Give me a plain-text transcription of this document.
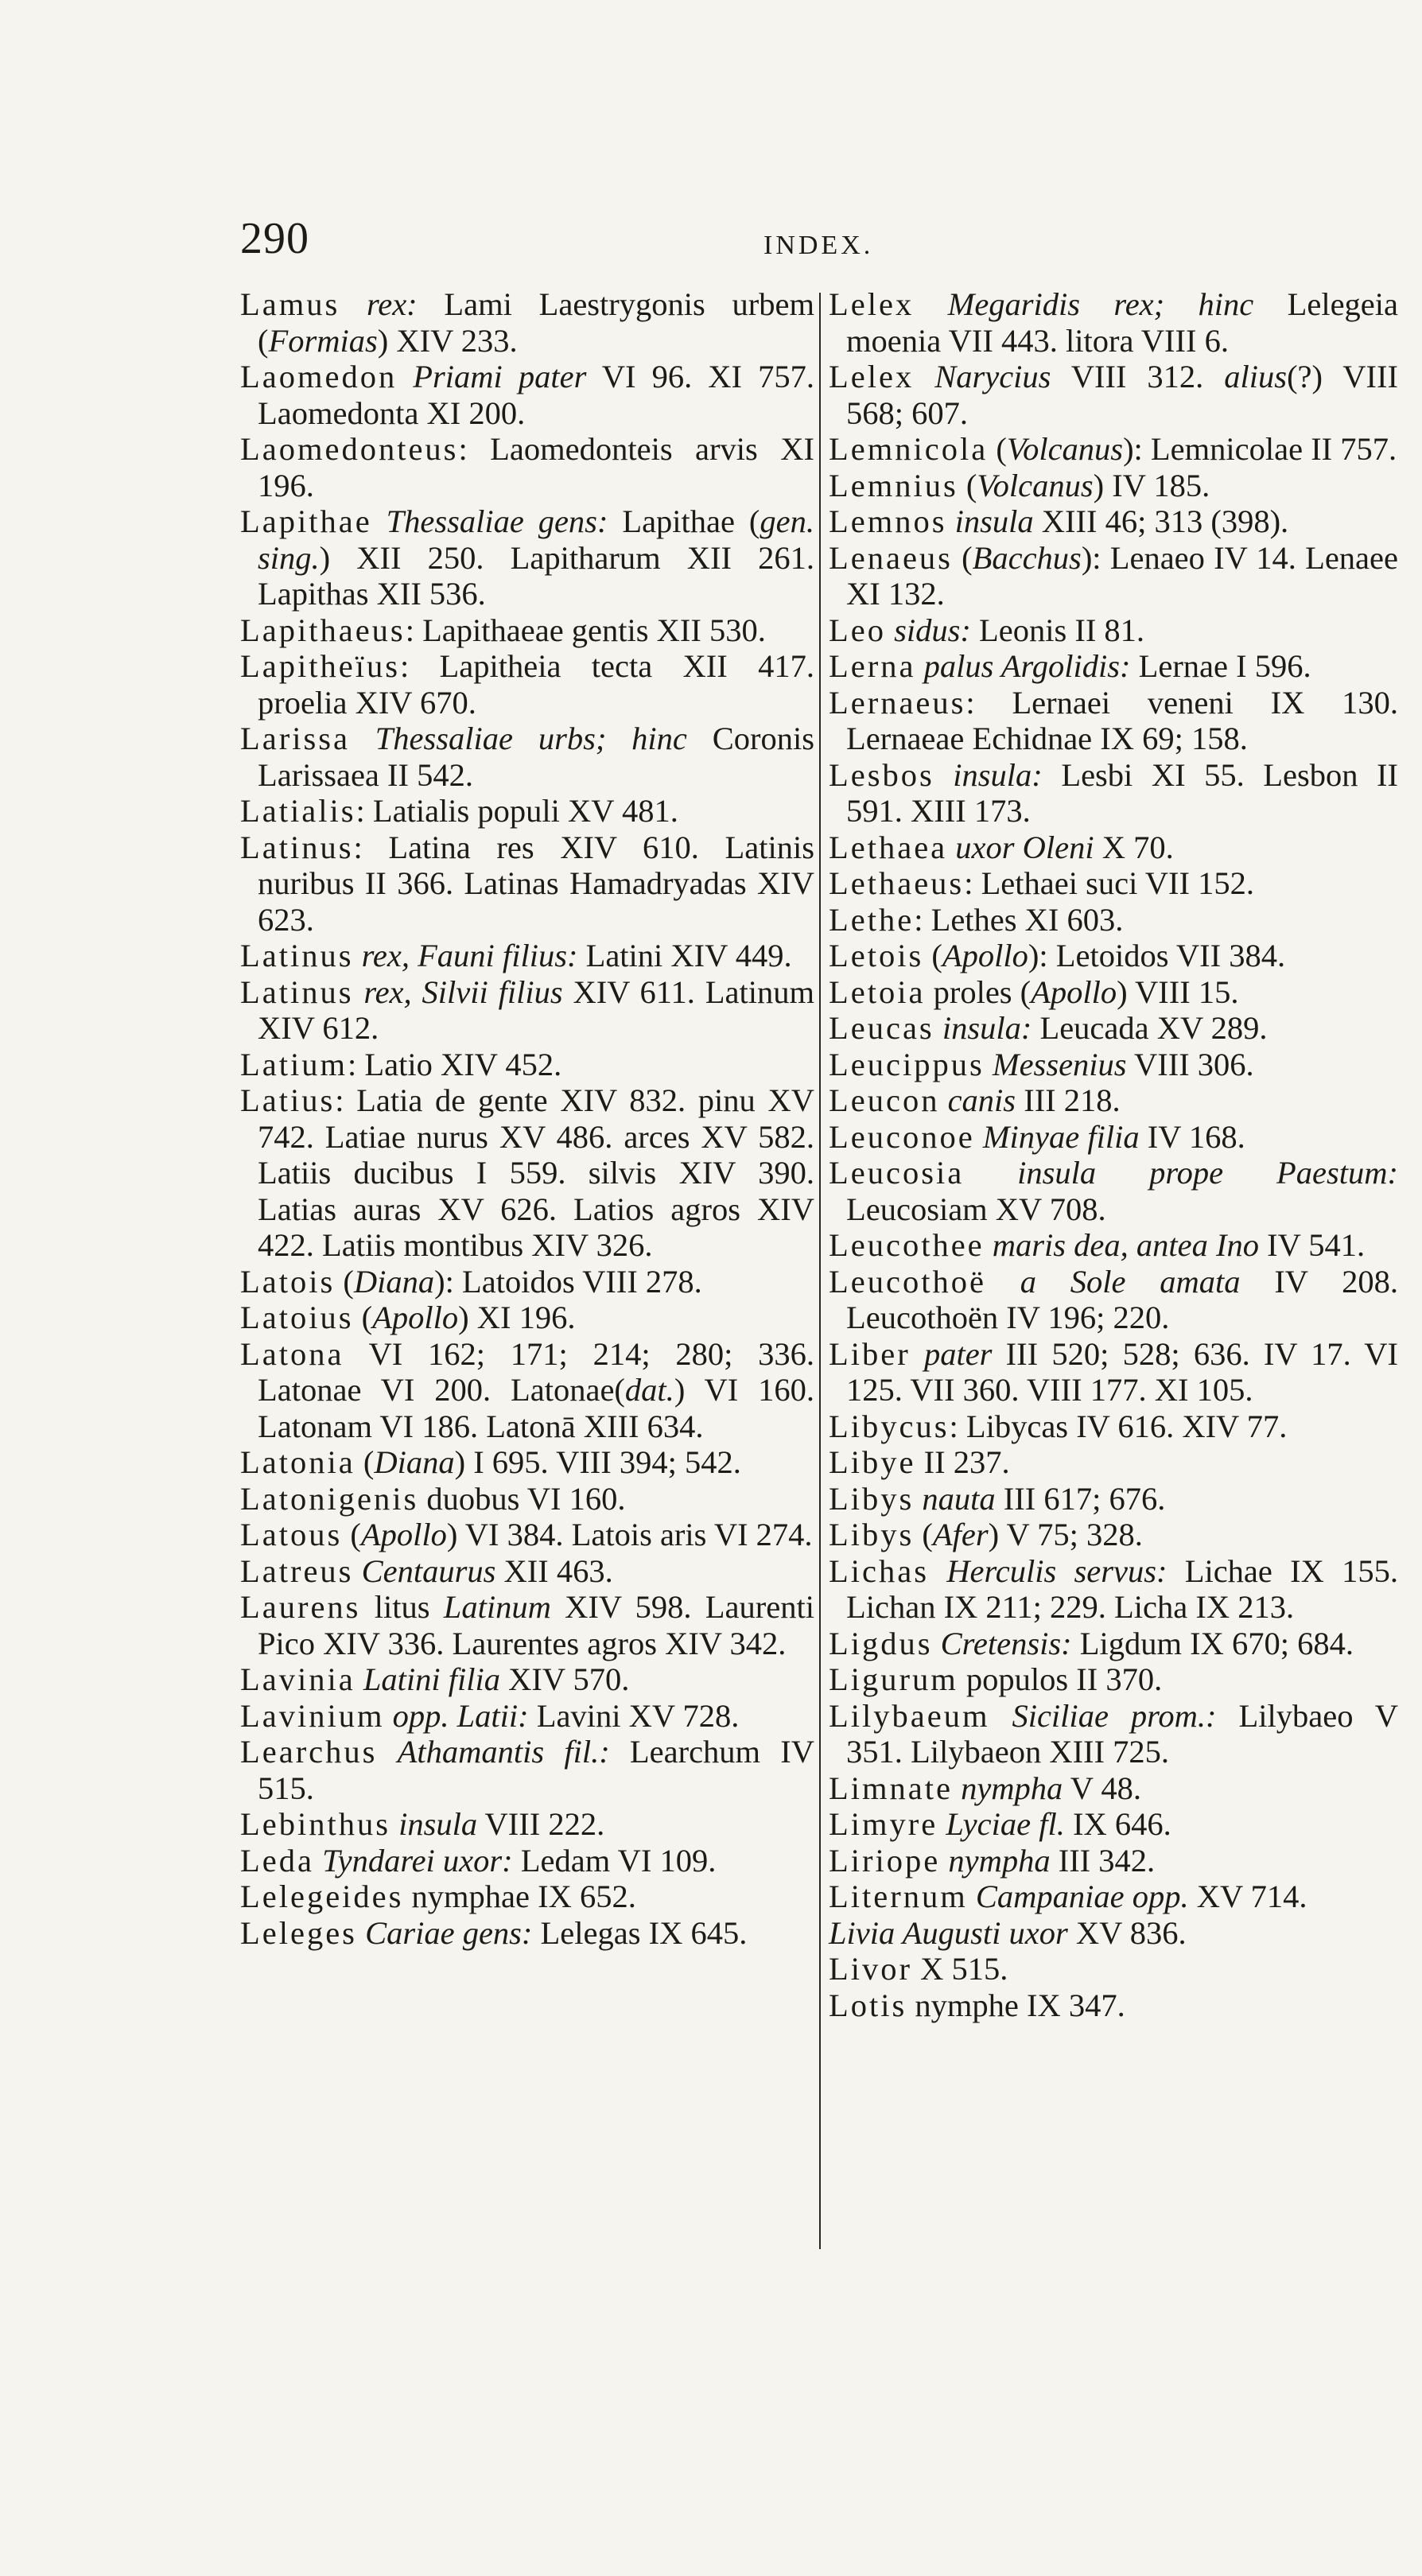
290	INDEX.

Lamus rex: Lami Laestrygonis urbem (Formias) XIV 233.

Laomedon Priami pater VI 96. XI 757. Laomedonta XI 200.

Laomedonteus: Laomedonteis arvis XI 196.

Lapithae Thessaliae gens: Lapithae (gen. sing.) XII 250. Lapitharum XII 261. Lapithas XII 536.

Lapithaeus: Lapithaeae gentis XII 530.

Lapitheïus: Lapitheia tecta XII 417. proelia XIV 670.

Larissa Thessaliae urbs; hinc Coronis Larissaea II 542.

Latialis: Latialis populi XV 481.

Latinus: Latina res XIV 610. Latinis nuribus II 366. Latinas Hamadryadas XIV 623.

Latinus rex, Fauni filius: Latini XIV 449.

Latinus rex, Silvii filius XIV 611. Latinum XIV 612.

Latium: Latio XIV 452.

Latius: Latia de gente XIV 832. pinu XV 742. Latiae nurus XV 486. arces XV 582. Latiis ducibus I 559. silvis XIV 390. Latias auras XV 626. Latios agros XIV 422. Latiis montibus XIV 326.

Latois (Diana): Latoidos VIII 278.

Latoius (Apollo) XI 196.

Latona VI 162; 171; 214; 280; 336. Latonae VI 200. Latonae(dat.) VI 160. Latonam VI 186. Latonā XIII 634.

Latonia (Diana) I 695. VIII 394; 542.

Latonigenis duobus VI 160.

Latous (Apollo) VI 384. Latois aris VI 274.

Latreus Centaurus XII 463.

Laurens litus Latinum XIV 598. Laurenti Pico XIV 336. Laurentes agros XIV 342.

Lavinia Latini filia XIV 570.

Lavinium opp. Latii: Lavini XV 728.

Learchus Athamantis fil.: Learchum IV 515.

Lebinthus insula VIII 222.

Leda Tyndarei uxor: Ledam VI 109.

Lelegeides nymphae IX 652.

Leleges Cariae gens: Lelegas IX 645.

Lelex Megaridis rex; hinc Lelegeia moenia VII 443. litora VIII 6.

Lelex Narycius VIII 312. alius(?) VIII 568; 607.

Lemnicola (Volcanus): Lemnicolae II 757.

Lemnius (Volcanus) IV 185.

Lemnos insula XIII 46; 313 (398).

Lenaeus (Bacchus): Lenaeo IV 14. Lenaee XI 132.

Leo sidus: Leonis II 81.

Lerna palus Argolidis: Lernae I 596.

Lernaeus: Lernaei veneni IX 130. Lernaeae Echidnae IX 69; 158.

Lesbos insula: Lesbi XI 55. Lesbon II 591. XIII 173.

Lethaea uxor Oleni X 70.

Lethaeus: Lethaei suci VII 152.

Lethe: Lethes XI 603.

Letois (Apollo): Letoidos VII 384.

Letoia proles (Apollo) VIII 15.

Leucas insula: Leucada XV 289.

Leucippus Messenius VIII 306.

Leucon canis III 218.

Leuconoe Minyae filia IV 168.

Leucosia insula prope Paestum: Leucosiam XV 708.

Leucothee maris dea, antea Ino IV 541.

Leucothoë a Sole amata IV 208. Leucothoën IV 196; 220.

Liber pater III 520; 528; 636. IV 17. VI 125. VII 360. VIII 177. XI 105.

Libycus: Libycas IV 616. XIV 77.

Libye II 237.

Libys nauta III 617; 676.

Libys (Afer) V 75; 328.

Lichas Herculis servus: Lichae IX 155. Lichan IX 211; 229. Licha IX 213.

Ligdus Cretensis: Ligdum IX 670; 684.

Ligurum populos II 370.

Lilybaeum Siciliae prom.: Lilybaeo V 351. Lilybaeon XIII 725.

Limnate nympha V 48.

Limyre Lyciae fl. IX 646.

Liriope nympha III 342.

Liternum Campaniae opp. XV 714.

Livia Augusti uxor XV 836.

Livor X 515.

Lotis nymphe IX 347.
